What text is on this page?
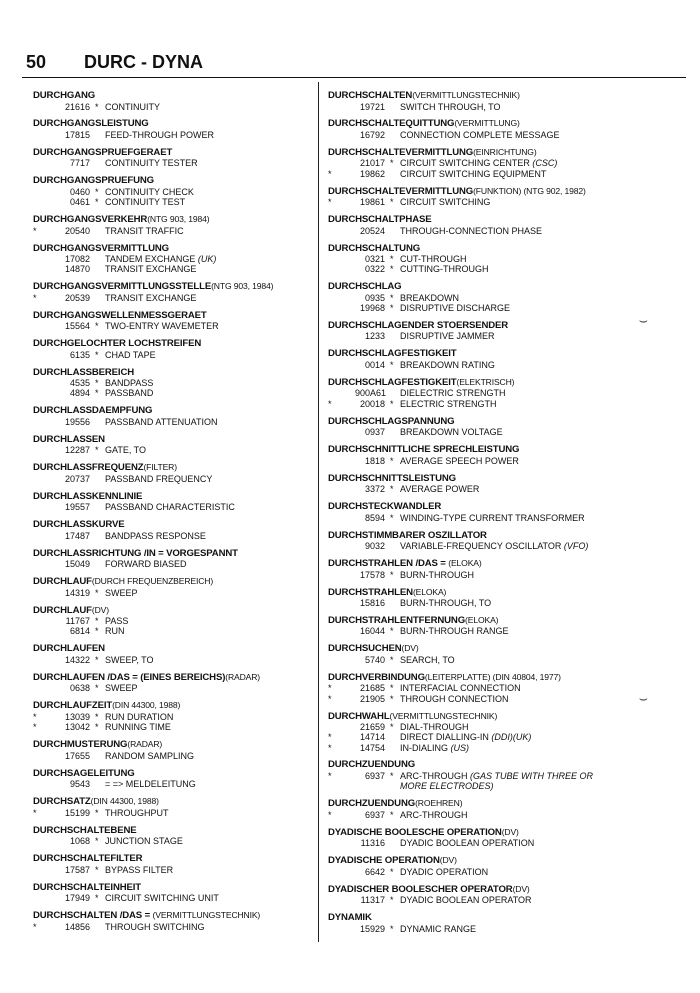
50 DURC - DYNA
DURCHGANG
21616 * CONTINUITY
DURCHGANGSLEISTUNG
17815 FEED-THROUGH POWER
DURCHGANGSPRUEFGERAET
7717 CONTINUITY TESTER
DURCHGANGSPRUEFUNG
0460 * CONTINUITY CHECK
0461 * CONTINUITY TEST
DURCHGANGSVERKEHR(NTG 903, 1984)
*	20540 TRANSIT TRAFFIC
DURCHGANGSVERMITTLUNG
17082 TANDEM EXCHANGE (UK)
14870 TRANSIT EXCHANGE
DURCHGANGSVERMITTLUNGSSTELLE(NTG 903, 1984)
*	20539 TRANSIT EXCHANGE
DURCHGANGSWELLENMESSGERAET
15564 * TWO-ENTRY WAVEMETER
DURCHGELOCHTER LOCHSTREIFEN
6135 * CHAD TAPE
DURCHLASSBEREICH
4535 * BANDPASS
4894 * PASSBAND
DURCHLASSDAEMPFUNG
19556 PASSBAND ATTENUATION
DURCHLASSEN
12287 * GATE, TO
DURCHLASSFREQUENZ(FILTER)
20737 PASSBAND FREQUENCY
DURCHLASSKENNLINIE
19557 PASSBAND CHARACTERISTIC
DURCHLASSKURVE
17487 BANDPASS RESPONSE
DURCHLASSRICHTUNG /IN = VORGESPANNT
15049 FORWARD BIASED
DURCHLAUF(DURCH FREQUENZBEREICH)
14319 * SWEEP
DURCHLAUF(DV)
11767 * PASS
6814 * RUN
DURCHLAUFEN
14322 * SWEEP, TO
DURCHLAUFEN /DAS = (EINES BEREICHS)(RADAR)
0638 * SWEEP
DURCHLAUFZEIT(DIN 44300, 1988)
*	13039 * RUN DURATION
*	13042 * RUNNING TIME
DURCHMUSTERUNG(RADAR)
17655 RANDOM SAMPLING
DURCHSAGELEITUNG
9543 = => MELDELEITUNG
DURCHSATZ(DIN 44300, 1988)
*	15199 * THROUGHPUT
DURCHSCHALTEBENE
1068 * JUNCTION STAGE
DURCHSCHALTEFILTER
17587 * BYPASS FILTER
DURCHSCHALTEINHEIT
17949 * CIRCUIT SWITCHING UNIT
DURCHSCHALTEN /DAS = (VERMITTLUNGSTECHNIK)
*	14856 THROUGH SWITCHING
DURCHSCHALTEN(VERMITTLUNGSTECHNIK)
19721 SWITCH THROUGH, TO
DURCHSCHALTEQUITTUNG(VERMITTLUNG)
16792 CONNECTION COMPLETE MESSAGE
DURCHSCHALTEVERMITTLUNG(EINRICHTUNG)
21017 * CIRCUIT SWITCHING CENTER (CSC)
*	19862 CIRCUIT SWITCHING EQUIPMENT
DURCHSCHALTEVERMITTLUNG(FUNKTION) (NTG 902, 1982)
*	19861 * CIRCUIT SWITCHING
DURCHSCHALTPHASE
20524 THROUGH-CONNECTION PHASE
DURCHSCHALTUNG
0321 * CUT-THROUGH
0322 * CUTTING-THROUGH
DURCHSCHLAG
0935 * BREAKDOWN
19968 * DISRUPTIVE DISCHARGE
DURCHSCHLAGENDER STOERSENDER
1233 DISRUPTIVE JAMMER
DURCHSCHLAGFESTIGKEIT
0014 * BREAKDOWN RATING
DURCHSCHLAGFESTIGKEIT(ELEKTRISCH)
900A61 DIELECTRIC STRENGTH
*	20018 * ELECTRIC STRENGTH
DURCHSCHLAGSPANNUNG
0937 BREAKDOWN VOLTAGE
DURCHSCHNITTLICHE SPRECHLEISTUNG
1818 * AVERAGE SPEECH POWER
DURCHSCHNITTSLEISTUNG
3372 * AVERAGE POWER
DURCHSTECKWANDLER
8594 * WINDING-TYPE CURRENT TRANSFORMER
DURCHSTIMMBARER OSZILLATOR
9032 VARIABLE-FREQUENCY OSCILLATOR (VFO)
DURCHSTRAHLEN /DAS = (ELOKA)
17578 * BURN-THROUGH
DURCHSTRAHLEN(ELOKA)
15816 BURN-THROUGH, TO
DURCHSTRAHLENTFERNUNG(ELOKA)
16044 * BURN-THROUGH RANGE
DURCHSUCHEN(DV)
5740 * SEARCH, TO
DURCHVERBINDUNG(LEITERPLATTE) (DIN 40804, 1977)
*	21685 * INTERFACIAL CONNECTION
*	21905 * THROUGH CONNECTION
DURCHWAHL(VERMITTLUNGSTECHNIK)
21659 * DIAL-THROUGH
*	14714 DIRECT DIALLING-IN (DDI)(UK)
*	14754 IN-DIALING (US)
DURCHZUENDUNG
*	6937 * ARC-THROUGH (GAS TUBE WITH THREE OR
MORE ELECTRODES)
DURCHZUENDUNG(ROEHREN)
*	6937 * ARC-THROUGH
DYADISCHE BOOLESCHE OPERATION(DV)
11316 DYADIC BOOLEAN OPERATION
DYADISCHE OPERATION(DV)
6642 * DYADIC OPERATION
DYADISCHER BOOLESCHER OPERATOR(DV)
11317 * DYADIC BOOLEAN OPERATOR
DYNAMIK
15929 * DYNAMIC RANGE
⌣
⌣
